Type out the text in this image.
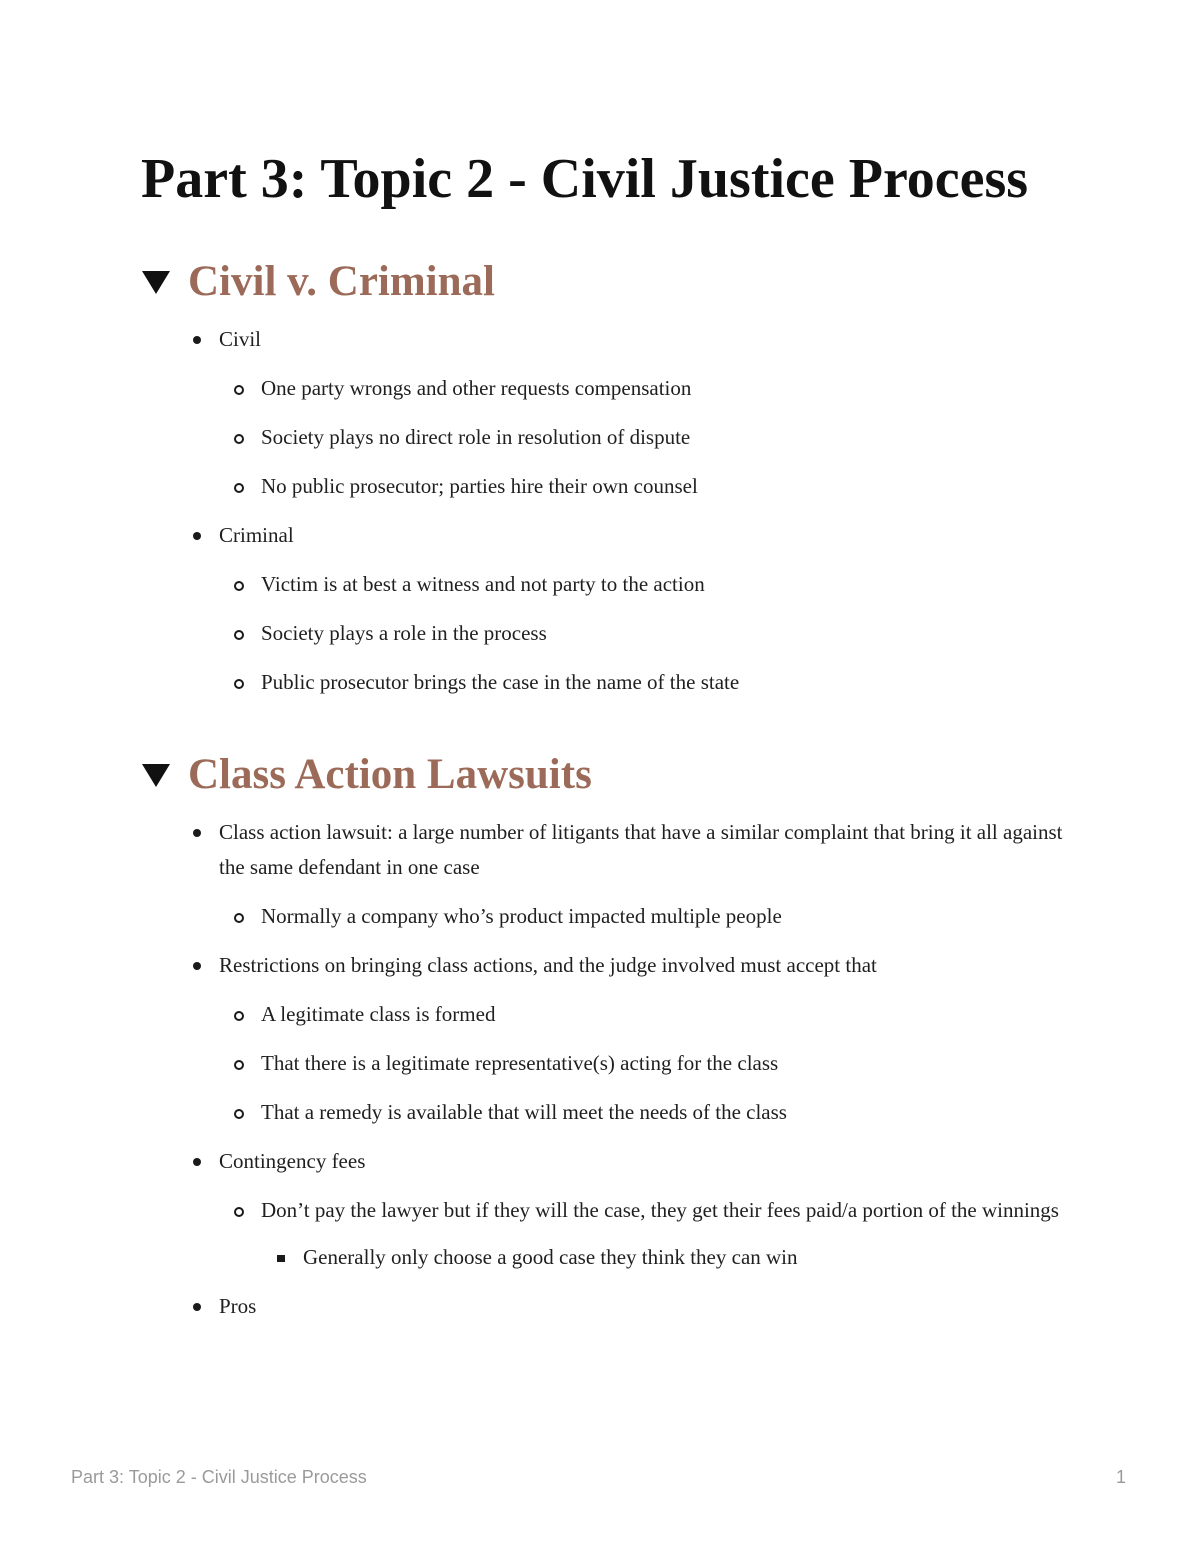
Part 3: Topic 2 - Civil Justice Process
Civil v. Criminal
Civil
One party wrongs and other requests compensation
Society plays no direct role in resolution of dispute
No public prosecutor; parties hire their own counsel
Criminal
Victim is at best a witness and not party to the action
Society plays a role in the process
Public prosecutor brings the case in the name of the state
Class Action Lawsuits
Class action lawsuit: a large number of litigants that have a similar complaint that bring it all against the same defendant in one case
Normally a company who’s product impacted multiple people
Restrictions on bringing class actions, and the judge involved must accept that
A legitimate class is formed
That there is a legitimate representative(s) acting for the class
That a remedy is available that will meet the needs of the class
Contingency fees
Don’t pay the lawyer but if they will the case, they get their fees paid/a portion of the winnings
Generally only choose a good case they think they can win
Pros
Part 3: Topic 2 - Civil Justice Process	1
